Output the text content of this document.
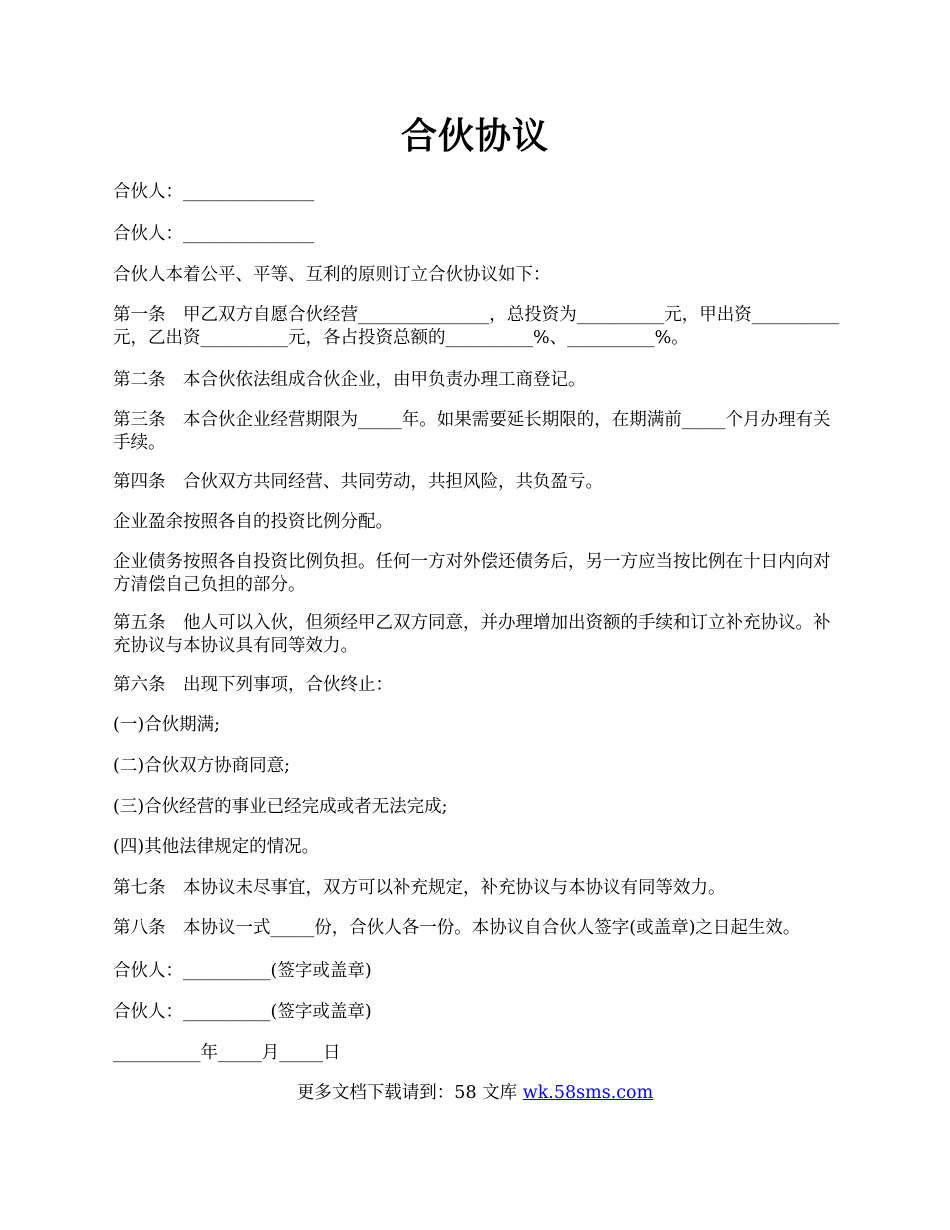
合伙协议
合伙人：_______________
合伙人：_______________
合伙人本着公平、平等、互利的原则订立合伙协议如下：
第一条　甲乙双方自愿合伙经营_______________，总投资为__________元，甲出资__________元，乙出资__________元，各占投资总额的__________%、__________%。
第二条　本合伙依法组成合伙企业，由甲负责办理工商登记。
第三条　本合伙企业经营期限为_____年。如果需要延长期限的，在期满前_____个月办理有关手续。
第四条　合伙双方共同经营、共同劳动，共担风险，共负盈亏。
企业盈余按照各自的投资比例分配。
企业债务按照各自投资比例负担。任何一方对外偿还债务后，另一方应当按比例在十日内向对方清偿自己负担的部分。
第五条　他人可以入伙，但须经甲乙双方同意，并办理增加出资额的手续和订立补充协议。补充协议与本协议具有同等效力。
第六条　出现下列事项，合伙终止：
(一)合伙期满;
(二)合伙双方协商同意;
(三)合伙经营的事业已经完成或者无法完成;
(四)其他法律规定的情况。
第七条　本协议未尽事宜，双方可以补充规定，补充协议与本协议有同等效力。
第八条　本协议一式_____份，合伙人各一份。本协议自合伙人签字(或盖章)之日起生效。
合伙人：__________(签字或盖章)
合伙人：__________(签字或盖章)
__________年_____月_____日
更多文档下载请到：58 文库 wk.58sms.com
